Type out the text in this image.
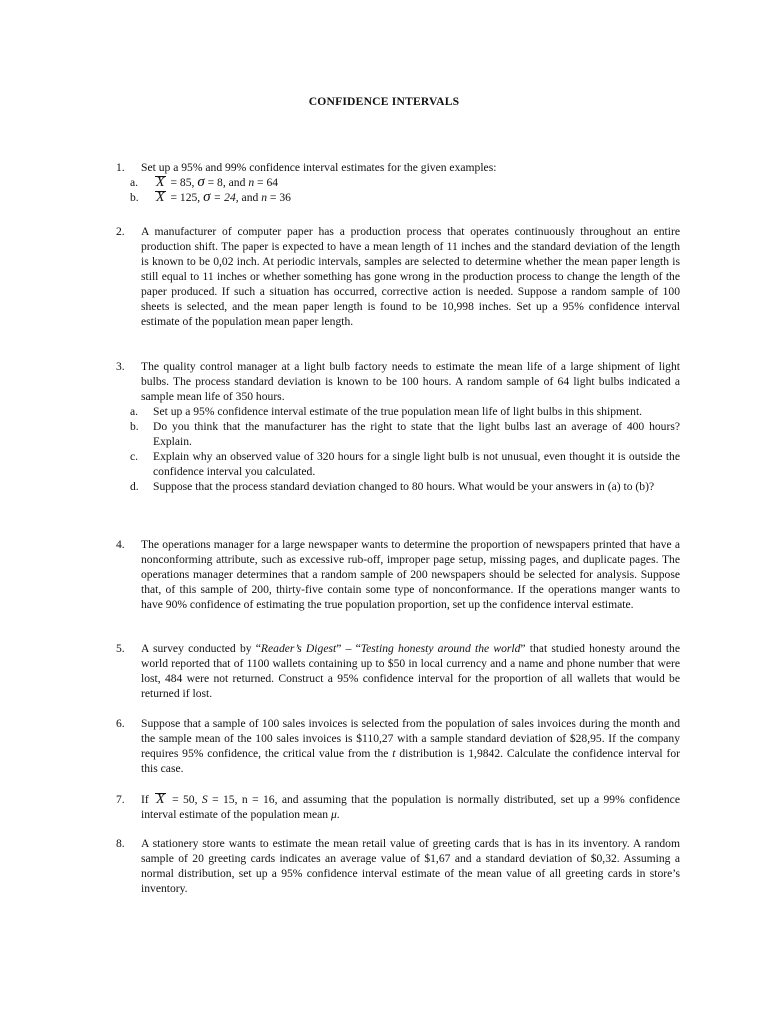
CONFIDENCE INTERVALS
1. Set up a 95% and 99% confidence interval estimates for the given examples:
a. X = 85, σ = 8, and n = 64
b. X = 125, σ = 24, and n = 36
2. A manufacturer of computer paper has a production process that operates continuously throughout an entire production shift. The paper is expected to have a mean length of 11 inches and the standard deviation of the length is known to be 0,02 inch. At periodic intervals, samples are selected to determine whether the mean paper length is still equal to 11 inches or whether something has gone wrong in the production process to change the length of the paper produced. If such a situation has occurred, corrective action is needed. Suppose a random sample of 100 sheets is selected, and the mean paper length is found to be 10,998 inches. Set up a 95% confidence interval estimate of the population mean paper length.
3. The quality control manager at a light bulb factory needs to estimate the mean life of a large shipment of light bulbs. The process standard deviation is known to be 100 hours. A random sample of 64 light bulbs indicated a sample mean life of 350 hours.
a. Set up a 95% confidence interval estimate of the true population mean life of light bulbs in this shipment.
b. Do you think that the manufacturer has the right to state that the light bulbs last an average of 400 hours? Explain.
c. Explain why an observed value of 320 hours for a single light bulb is not unusual, even thought it is outside the confidence interval you calculated.
d. Suppose that the process standard deviation changed to 80 hours. What would be your answers in (a) to (b)?
4. The operations manager for a large newspaper wants to determine the proportion of newspapers printed that have a nonconforming attribute, such as excessive rub-off, improper page setup, missing pages, and duplicate pages. The operations manager determines that a random sample of 200 newspapers should be selected for analysis. Suppose that, of this sample of 200, thirty-five contain some type of nonconformance. If the operations manger wants to have 90% confidence of estimating the true population proportion, set up the confidence interval estimate.
5. A survey conducted by “Reader’s Digest” – “Testing honesty around the world” that studied honesty around the world reported that of 1100 wallets containing up to $50 in local currency and a name and phone number that were lost, 484 were not returned. Construct a 95% confidence interval for the proportion of all wallets that would be returned if lost.
6. Suppose that a sample of 100 sales invoices is selected from the population of sales invoices during the month and the sample mean of the 100 sales invoices is $110,27 with a sample standard deviation of $28,95. If the company requires 95% confidence, the critical value from the t distribution is 1,9842. Calculate the confidence interval for this case.
7. If X = 50, S = 15, n = 16, and assuming that the population is normally distributed, set up a 99% confidence interval estimate of the population mean μ.
8. A stationery store wants to estimate the mean retail value of greeting cards that is has in its inventory. A random sample of 20 greeting cards indicates an average value of $1,67 and a standard deviation of $0,32. Assuming a normal distribution, set up a 95% confidence interval estimate of the mean value of all greeting cards in store’s inventory.
